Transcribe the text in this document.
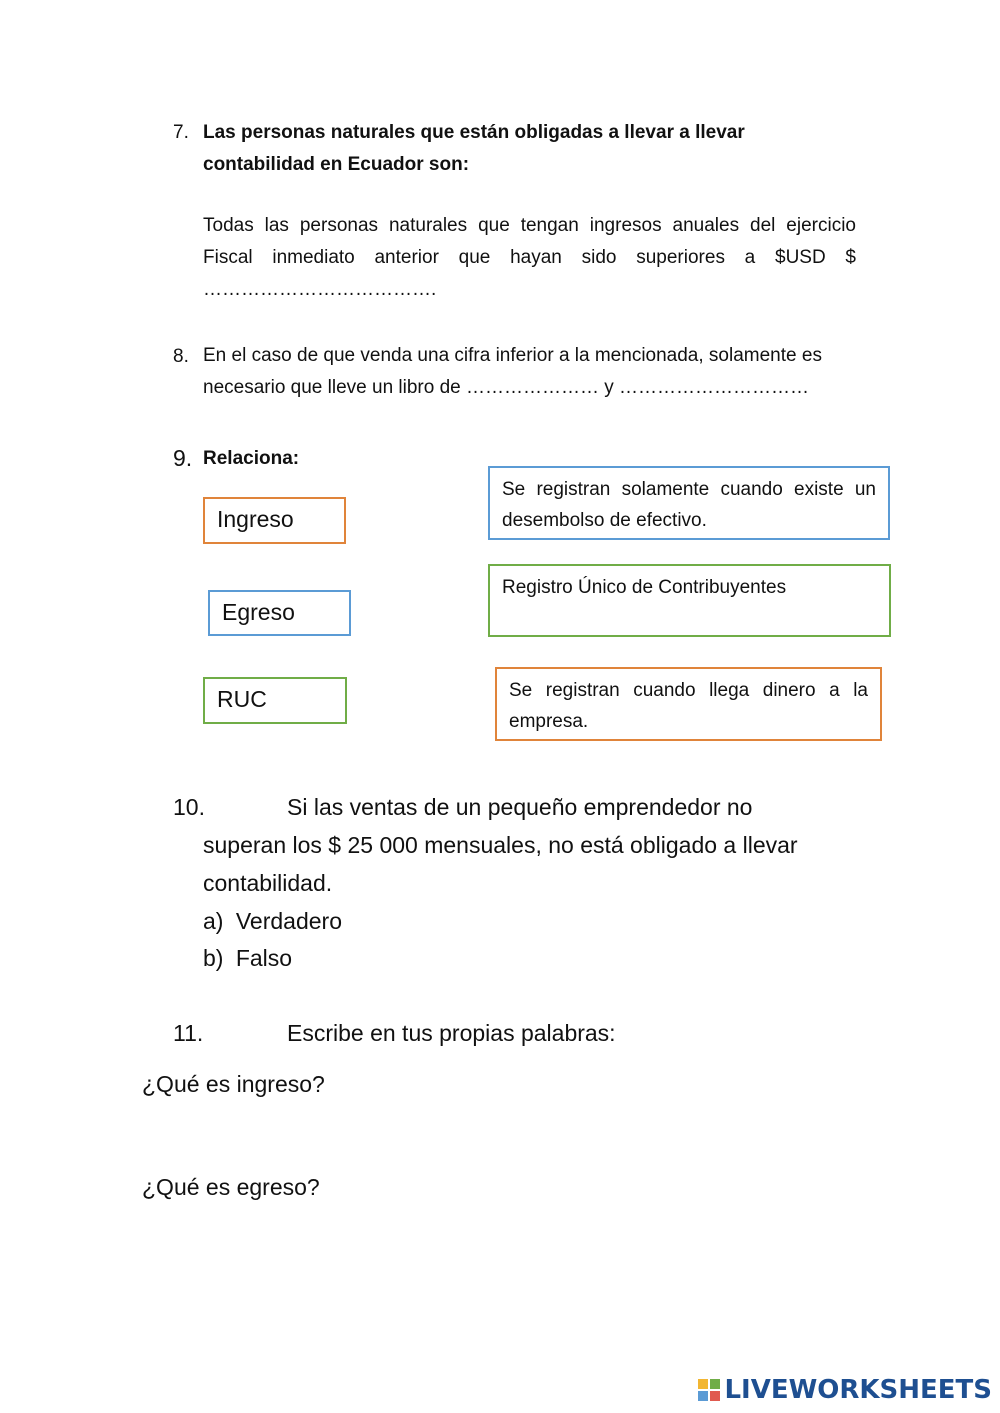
7. Las personas naturales que están obligadas a llevar a llevar
contabilidad en Ecuador son:
Todas las personas naturales que tengan ingresos anuales del ejercicio Fiscal inmediato anterior que hayan sido superiores a $USD $ ……………………………….
8. En el caso de que venda una cifra inferior a la mencionada, solamente es necesario que lleve un libro de ………………… y …………………………
9. Relaciona:
Ingreso
Egreso
RUC
Se registran solamente cuando existe un desembolso de efectivo.
Registro Único de Contribuyentes
Se registran cuando llega dinero a la empresa.
10.	Si las ventas de un pequeño emprendedor no
superan los $ 25 000 mensuales, no está obligado a llevar
contabilidad.
a) Verdadero
b) Falso
11.	Escribe en tus propias palabras:
¿Qué es ingreso?
¿Qué es egreso?
LIVEWORKSHEETS
